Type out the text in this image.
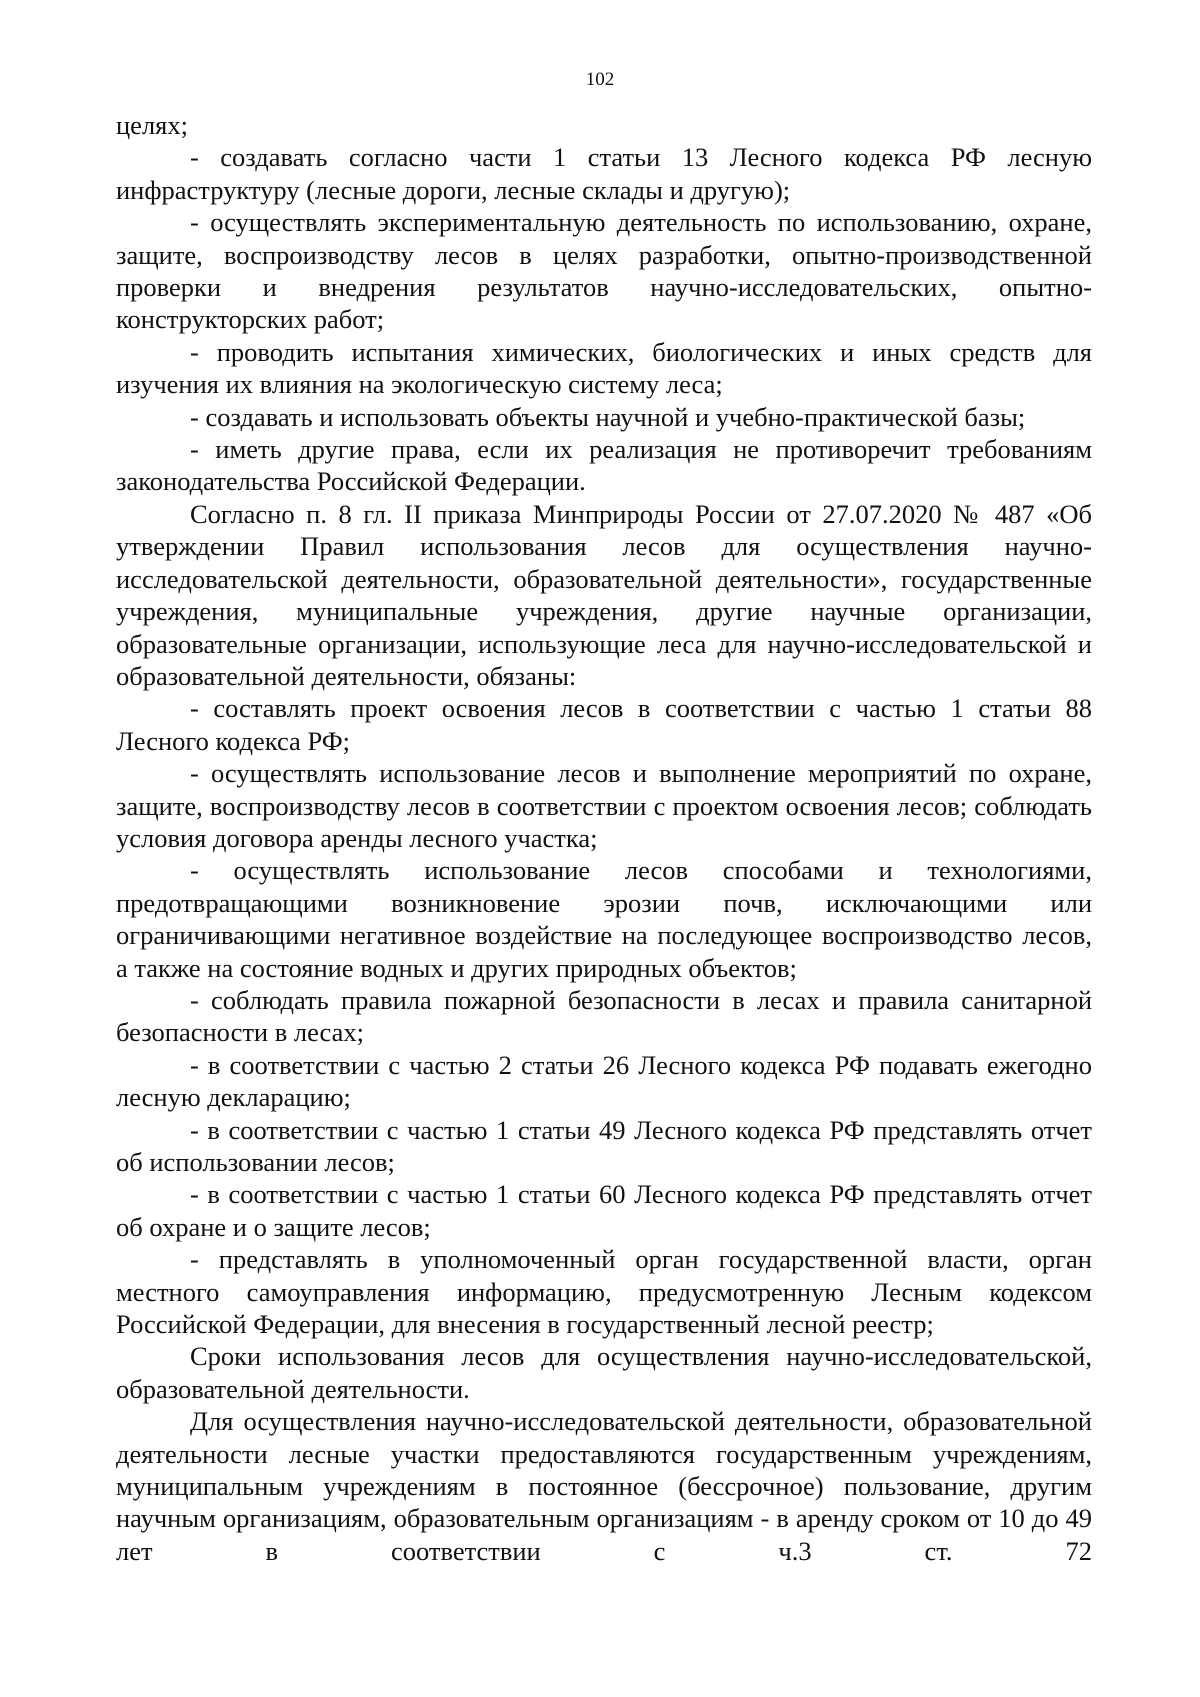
102

целях;

- создавать согласно части 1 статьи 13 Лесного кодекса РФ лесную инфраструктуру (лесные дороги, лесные склады и другую);

- осуществлять экспериментальную деятельность по использованию, охране, защите, воспроизводству лесов в целях разработки, опытно-производственной проверки и внедрения результатов научно-исследовательских, опытно-конструкторских работ;

- проводить испытания химических, биологических и иных средств для изучения их влияния на экологическую систему леса;

- создавать и использовать объекты научной и учебно-практической базы;

- иметь другие права, если их реализация не противоречит требованиям законодательства Российской Федерации.

Согласно п. 8 гл. II приказа Минприроды России от 27.07.2020 № 487 «Об утверждении Правил использования лесов для осуществления научно-исследовательской деятельности, образовательной деятельности», государственные учреждения, муниципальные учреждения, другие научные организации, образовательные организации, использующие леса для научно-исследовательской и образовательной деятельности, обязаны:

- составлять проект освоения лесов в соответствии с частью 1 статьи 88 Лесного кодекса РФ;

- осуществлять использование лесов и выполнение мероприятий по охране, защите, воспроизводству лесов в соответствии с проектом освоения лесов; соблюдать условия договора аренды лесного участка;

- осуществлять использование лесов способами и технологиями, предотвращающими возникновение эрозии почв, исключающими или ограничивающими негативное воздействие на последующее воспроизводство лесов, а также на состояние водных и других природных объектов;

- соблюдать правила пожарной безопасности в лесах и правила санитарной безопасности в лесах;

- в соответствии с частью 2 статьи 26 Лесного кодекса РФ подавать ежегодно лесную декларацию;

- в соответствии с частью 1 статьи 49 Лесного кодекса РФ представлять отчет об использовании лесов;

- в соответствии с частью 1 статьи 60 Лесного кодекса РФ представлять отчет об охране и о защите лесов;

- представлять в уполномоченный орган государственной власти, орган местного самоуправления информацию, предусмотренную Лесным кодексом Российской Федерации, для внесения в государственный лесной реестр;

Сроки использования лесов для осуществления научно-исследовательской, образовательной деятельности.

Для осуществления научно-исследовательской деятельности, образовательной деятельности лесные участки предоставляются государственным учреждениям, муниципальным учреждениям в постоянное (бессрочное) пользование, другим научным организациям, образовательным организациям - в аренду сроком от 10 до 49 лет в соответствии с ч.3 ст. 72
